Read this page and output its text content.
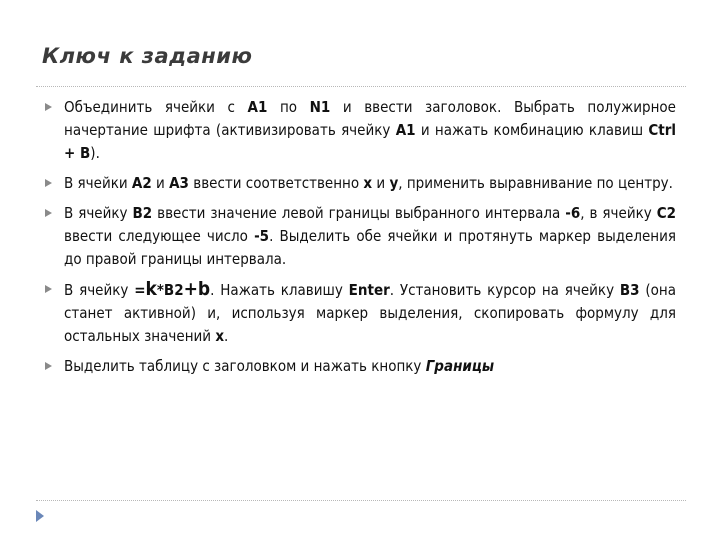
Ключ к заданию
Объединить ячейки с A1 по N1 и ввести заголовок. Выбрать полужирное начертание шрифта (активизировать ячейку A1 и нажать комбинацию клавиш Ctrl + B).
В ячейки A2 и A3 ввести соответственно x и y, применить выравнивание по центру.
В ячейку B2 ввести значение левой границы выбранного интервала -6, в ячейку C2 ввести следующее число -5. Выделить обе ячейки и протянуть маркер выделения до правой границы интервала.
В ячейку =k*B2+b. Нажать клавишу Enter. Установить курсор на ячейку B3 (она станет активной) и, используя маркер выделения, скопировать формулу для остальных значений x.
Выделить таблицу с заголовком и нажать кнопку Границы
